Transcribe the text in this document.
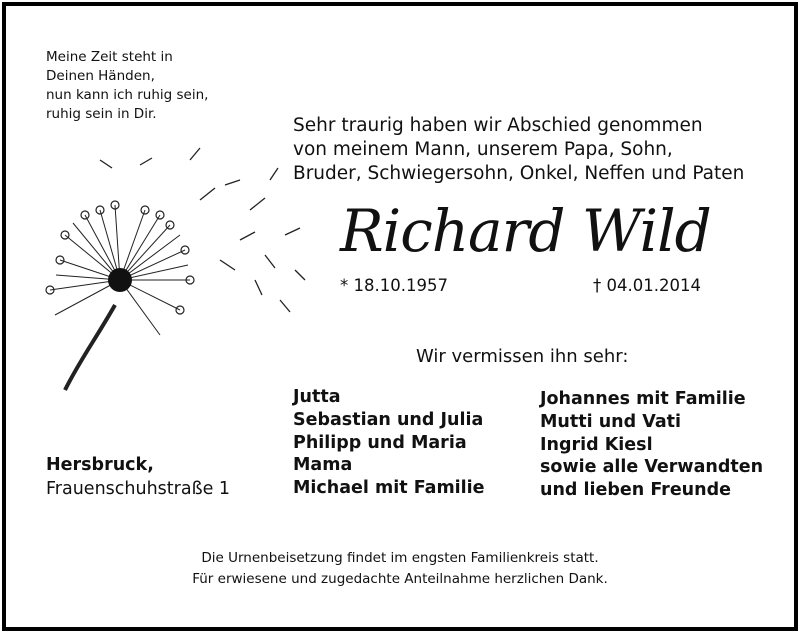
Meine Zeit steht in
Deinen Händen,
nun kann ich ruhig sein,
ruhig sein in Dir.
Sehr traurig haben wir Abschied genommen
von meinem Mann, unserem Papa, Sohn,
Bruder, Schwiegersohn, Onkel, Neffen und Paten
Richard Wild
* 18.10.1957	† 04.01.2014
Wir vermissen ihn sehr:
Jutta
Sebastian und Julia
Philipp und Maria
Mama
Michael mit Familie
Johannes mit Familie
Mutti und Vati
Ingrid Kiesl
sowie alle Verwandten
und lieben Freunde
Hersbruck,
Frauenschuhstraße 1
Die Urnenbeisetzung findet im engsten Familienkreis statt.
Für erwiesene und zugedachte Anteilnahme herzlichen Dank.
